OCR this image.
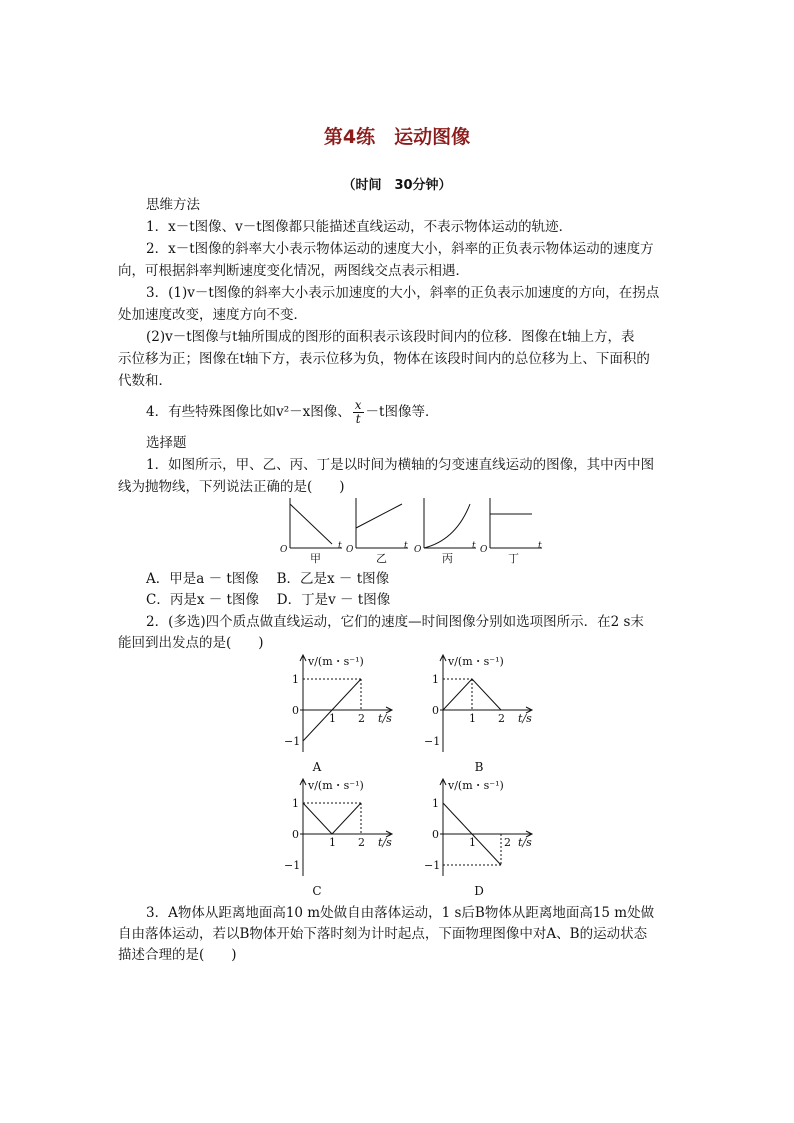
第4练　运动图像
（时间　30分钟）
思维方法
1．x－t图像、v－t图像都只能描述直线运动，不表示物体运动的轨迹．
2．x－t图像的斜率大小表示物体运动的速度大小，斜率的正负表示物体运动的速度方
向，可根据斜率判断速度变化情况，两图线交点表示相遇．
3．(1)v－t图像的斜率大小表示加速度的大小，斜率的正负表示加速度的方向，在拐点
处加速度改变，速度方向不变．
(2)v－t图像与t轴所围成的图形的面积表示该段时间内的位移．图像在t轴上方，表
示位移为正；图像在t轴下方，表示位移为负，物体在该段时间内的总位移为上、下面积的
代数和．
4．有些特殊图像比如v²－x图像、 $\frac{x}{t} -t$图像等．
选择题
1．如图所示，甲、乙、丙、丁是以时间为横轴的匀变速直线运动的图像，其中丙中图
线为抛物线，下列说法正确的是(　　)
O	t O	t O	t O	t
甲	乙	丙	丁
A．甲是a － t图像　 B．乙是x － t图像
C．丙是x － t图像　 D．丁是v － t图像
2．(多选)四个质点做直线运动，它们的速度—时间图像分别如选项图所示．在2 s末
能回到出发点的是(　　)
v/(m・s⁻¹)
t/s
1
0
−1
1 2
A
v/(m・s⁻¹)
t/s
1
0
−1
1 2
B
v/(m・s⁻¹)
t/s
1
0
−1
1 2
C
v/(m・s⁻¹)
t/s
1
0
−1
1	2
D
3．A物体从距离地面高10 m处做自由落体运动，1 s后B物体从距离地面高15 m处做
自由落体运动，若以B物体开始下落时刻为计时起点，下面物理图像中对A、B的运动状态
描述合理的是(　　)
